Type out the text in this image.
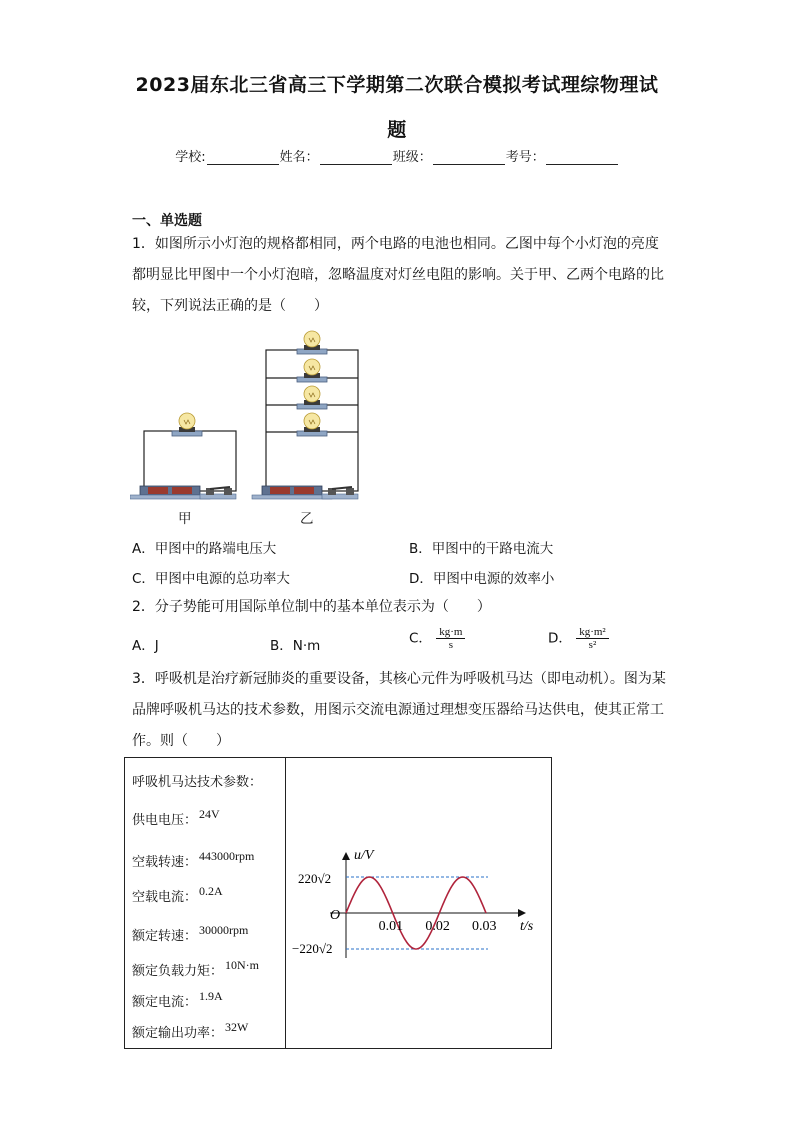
2023届东北三省高三下学期第二次联合模拟考试理综物理试
题
学校:	姓名：	班级：	考号：
一、单选题
1．如图所示小灯泡的规格都相同，两个电路的电池也相同。乙图中每个小灯泡的亮度
都明显比甲图中一个小灯泡暗，忽略温度对灯丝电阻的影响。关于甲、乙两个电路的比
较，下列说法正确的是（　　）
甲	乙
A．甲图中的路端电压大	B．甲图中的干路电流大
C．甲图中电源的总功率大	D．甲图中电源的效率小
2．分子势能可用国际单位制中的基本单位表示为（　　）
A．J	B．N·m	C． $\frac{kg\cdot m}{s}$	D． $\frac{\text{kg·m²}}{\text{s²}}$
3．呼吸机是治疗新冠肺炎的重要设备，其核心元件为呼吸机马达（即电动机）。图为某
品牌呼吸机马达的技术参数，用图示交流电源通过理想变压器给马达供电，使其正常工
作。则（　　）

呼吸机马达技术参数：
供电电压： 24V
空载转速： 443000rpm
空载电流： 0.2A
额定转速： 30000rpm
额定负载力矩： 10N·m
额定电流： 1.9A
额定输出功率： 32W
0.01 0.02 0.03
u/V
t/s
O
220√2
−220√2
